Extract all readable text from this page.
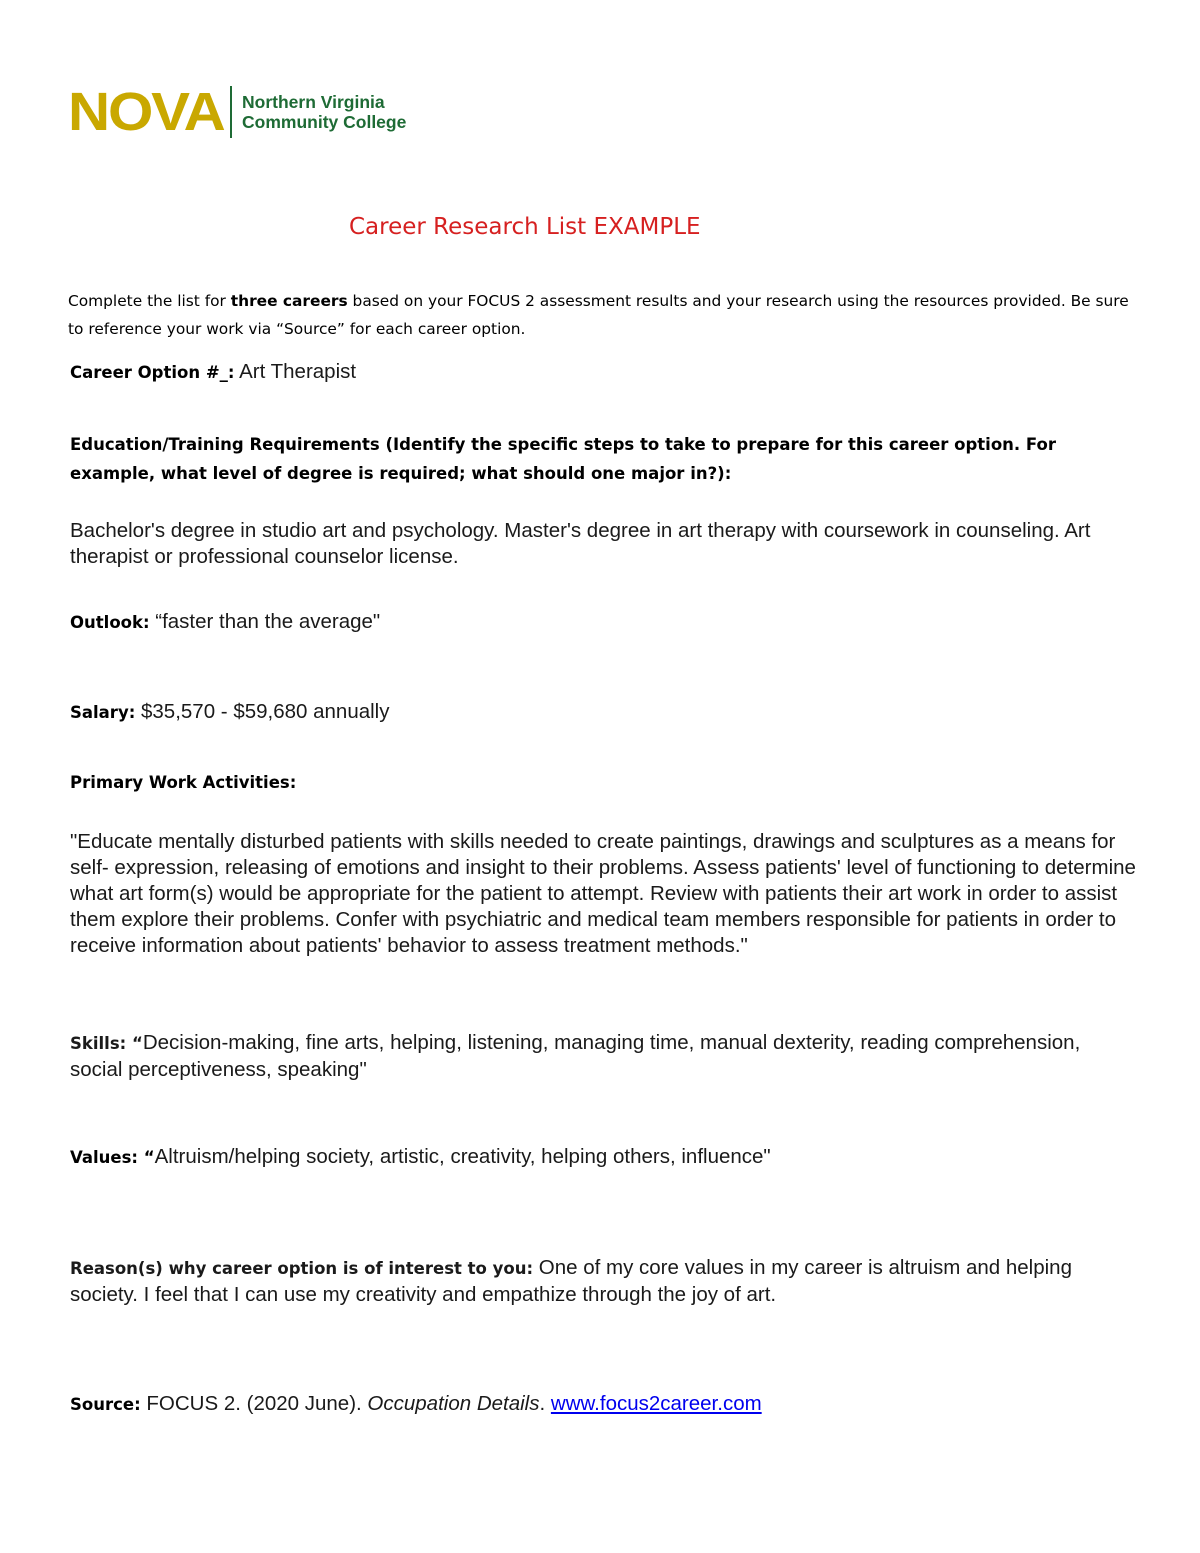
NOVA Northern Virginia
Community College
Career Research List EXAMPLE
Complete the list for three careers based on your FOCUS 2 assessment results and your research using the resources provided. Be sure to reference your work via “Source” for each career option.
Career Option #_: Art Therapist
Education/Training Requirements (Identify the specific steps to take to prepare for this career option. For example, what level of degree is required; what should one major in?):
Bachelor's degree in studio art and psychology. Master's degree in art therapy with coursework in counseling. Art therapist or professional counselor license.
Outlook: “faster than the average"
Salary: $35,570 - $59,680 annually
Primary Work Activities:
"Educate mentally disturbed patients with skills needed to create paintings, drawings and sculptures as a means for self- expression, releasing of emotions and insight to their problems. Assess patients' level of functioning to determine what art form(s) would be appropriate for the patient to attempt. Review with patients their art work in order to assist them explore their problems. Confer with psychiatric and medical team members responsible for patients in order to receive information about patients' behavior to assess treatment methods."
Skills: “Decision-making, fine arts, helping, listening, managing time, manual dexterity, reading comprehension, social perceptiveness, speaking"
Values: “Altruism/helping society, artistic, creativity, helping others, influence"
Reason(s) why career option is of interest to you: One of my core values in my career is altruism and helping society. I feel that I can use my creativity and empathize through the joy of art.
Source: FOCUS 2. (2020 June). Occupation Details. www.focus2career.com
